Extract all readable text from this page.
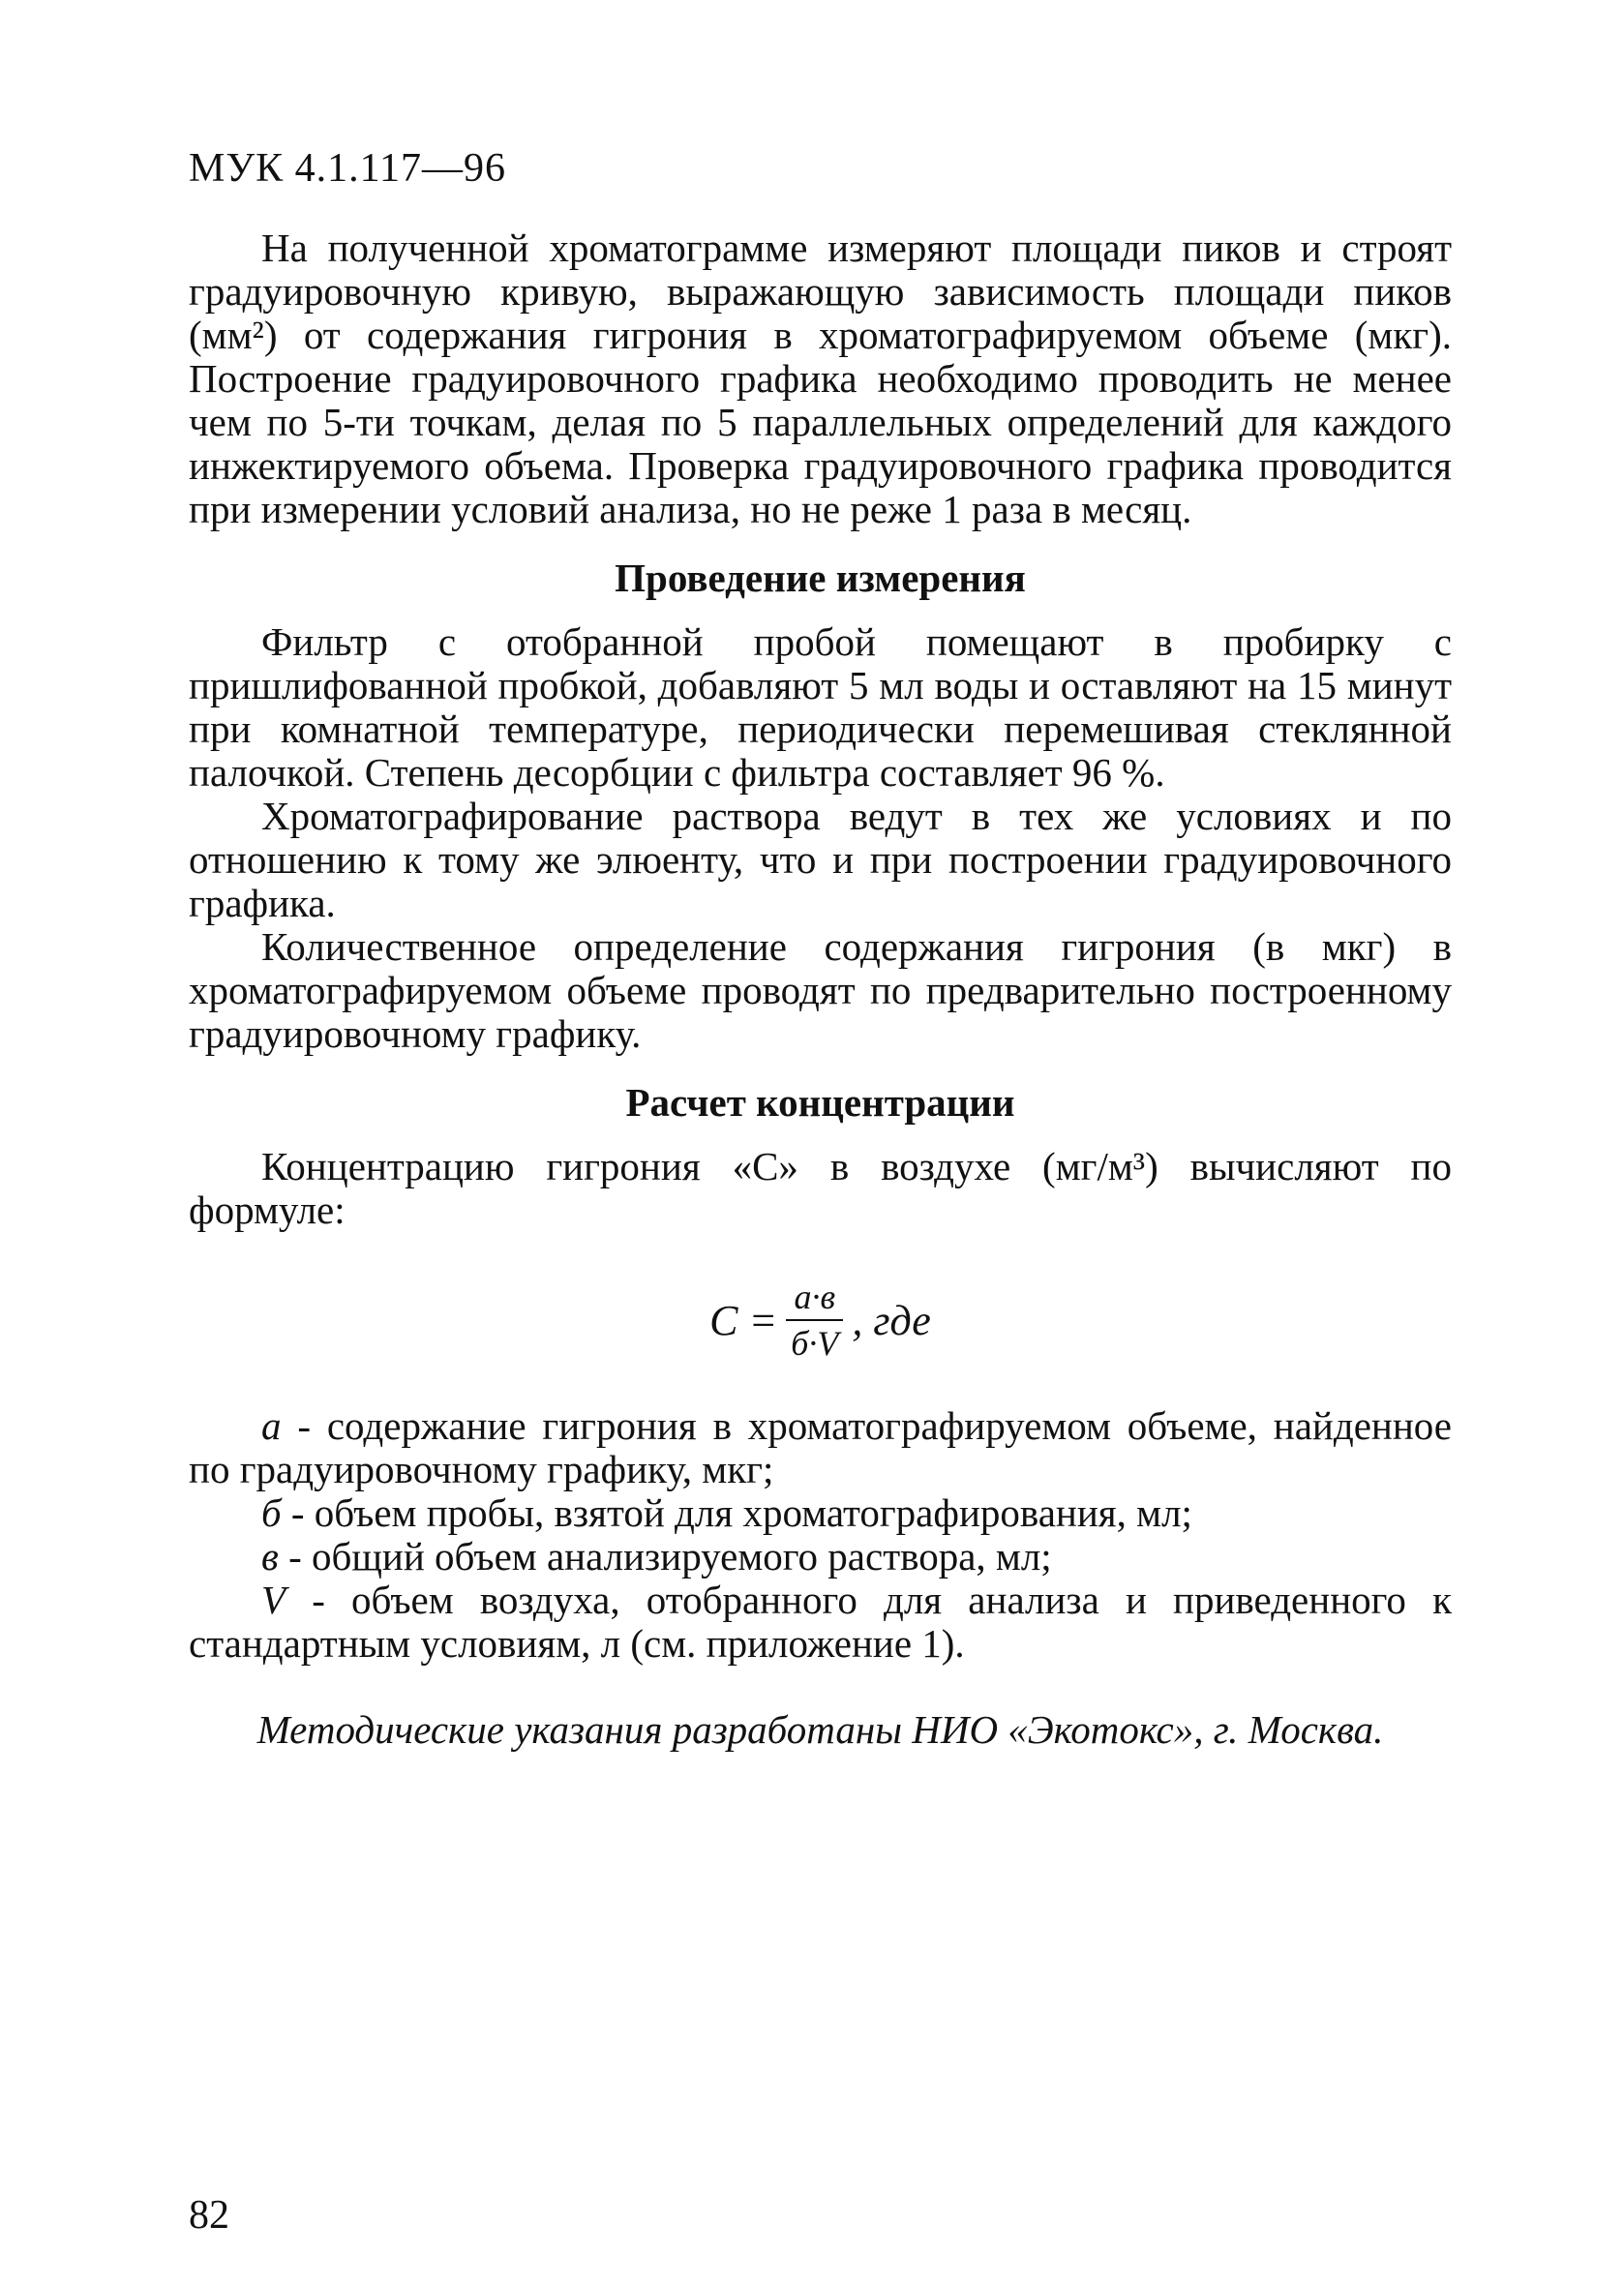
МУК 4.1.117—96

На полученной хроматограмме измеряют площади пиков и строят градуировочную кривую, выражающую зависимость площади пиков (мм²) от содержания гигрония в хроматографируемом объеме (мкг). Построение градуировочного графика необходимо проводить не менее чем по 5-ти точкам, делая по 5 параллельных определений для каждого инжектируемого объема. Проверка градуировочного графика проводится при измерении условий анализа, но не реже 1 раза в месяц.

Проведение измерения

Фильтр с отобранной пробой помещают в пробирку с пришлифованной пробкой, добавляют 5 мл воды и оставляют на 15 минут при комнатной температуре, периодически перемешивая стеклянной палочкой. Степень десорбции с фильтра составляет 96 %.

Хроматографирование раствора ведут в тех же условиях и по отношению к тому же элюенту, что и при построении градуировочного графика.

Количественное определение содержания гигрония (в мкг) в хроматографируемом объеме проводят по предварительно построенному градуировочному графику.

Расчет концентрации

Концентрацию гигрония «С» в воздухе (мг/м³) вычисляют по формуле:

$С = \frac{а\cdot в}{б\cdot V}$ , где

а - содержание гигрония в хроматографируемом объеме, найденное по градуировочному графику, мкг;

б - объем пробы, взятой для хроматографирования, мл;

в - общий объем анализируемого раствора, мл;

V - объем воздуха, отобранного для анализа и приведенного к стандартным условиям, л (см. приложение 1).

Методические указания разработаны НИО «Экотокс», г. Москва.
82
